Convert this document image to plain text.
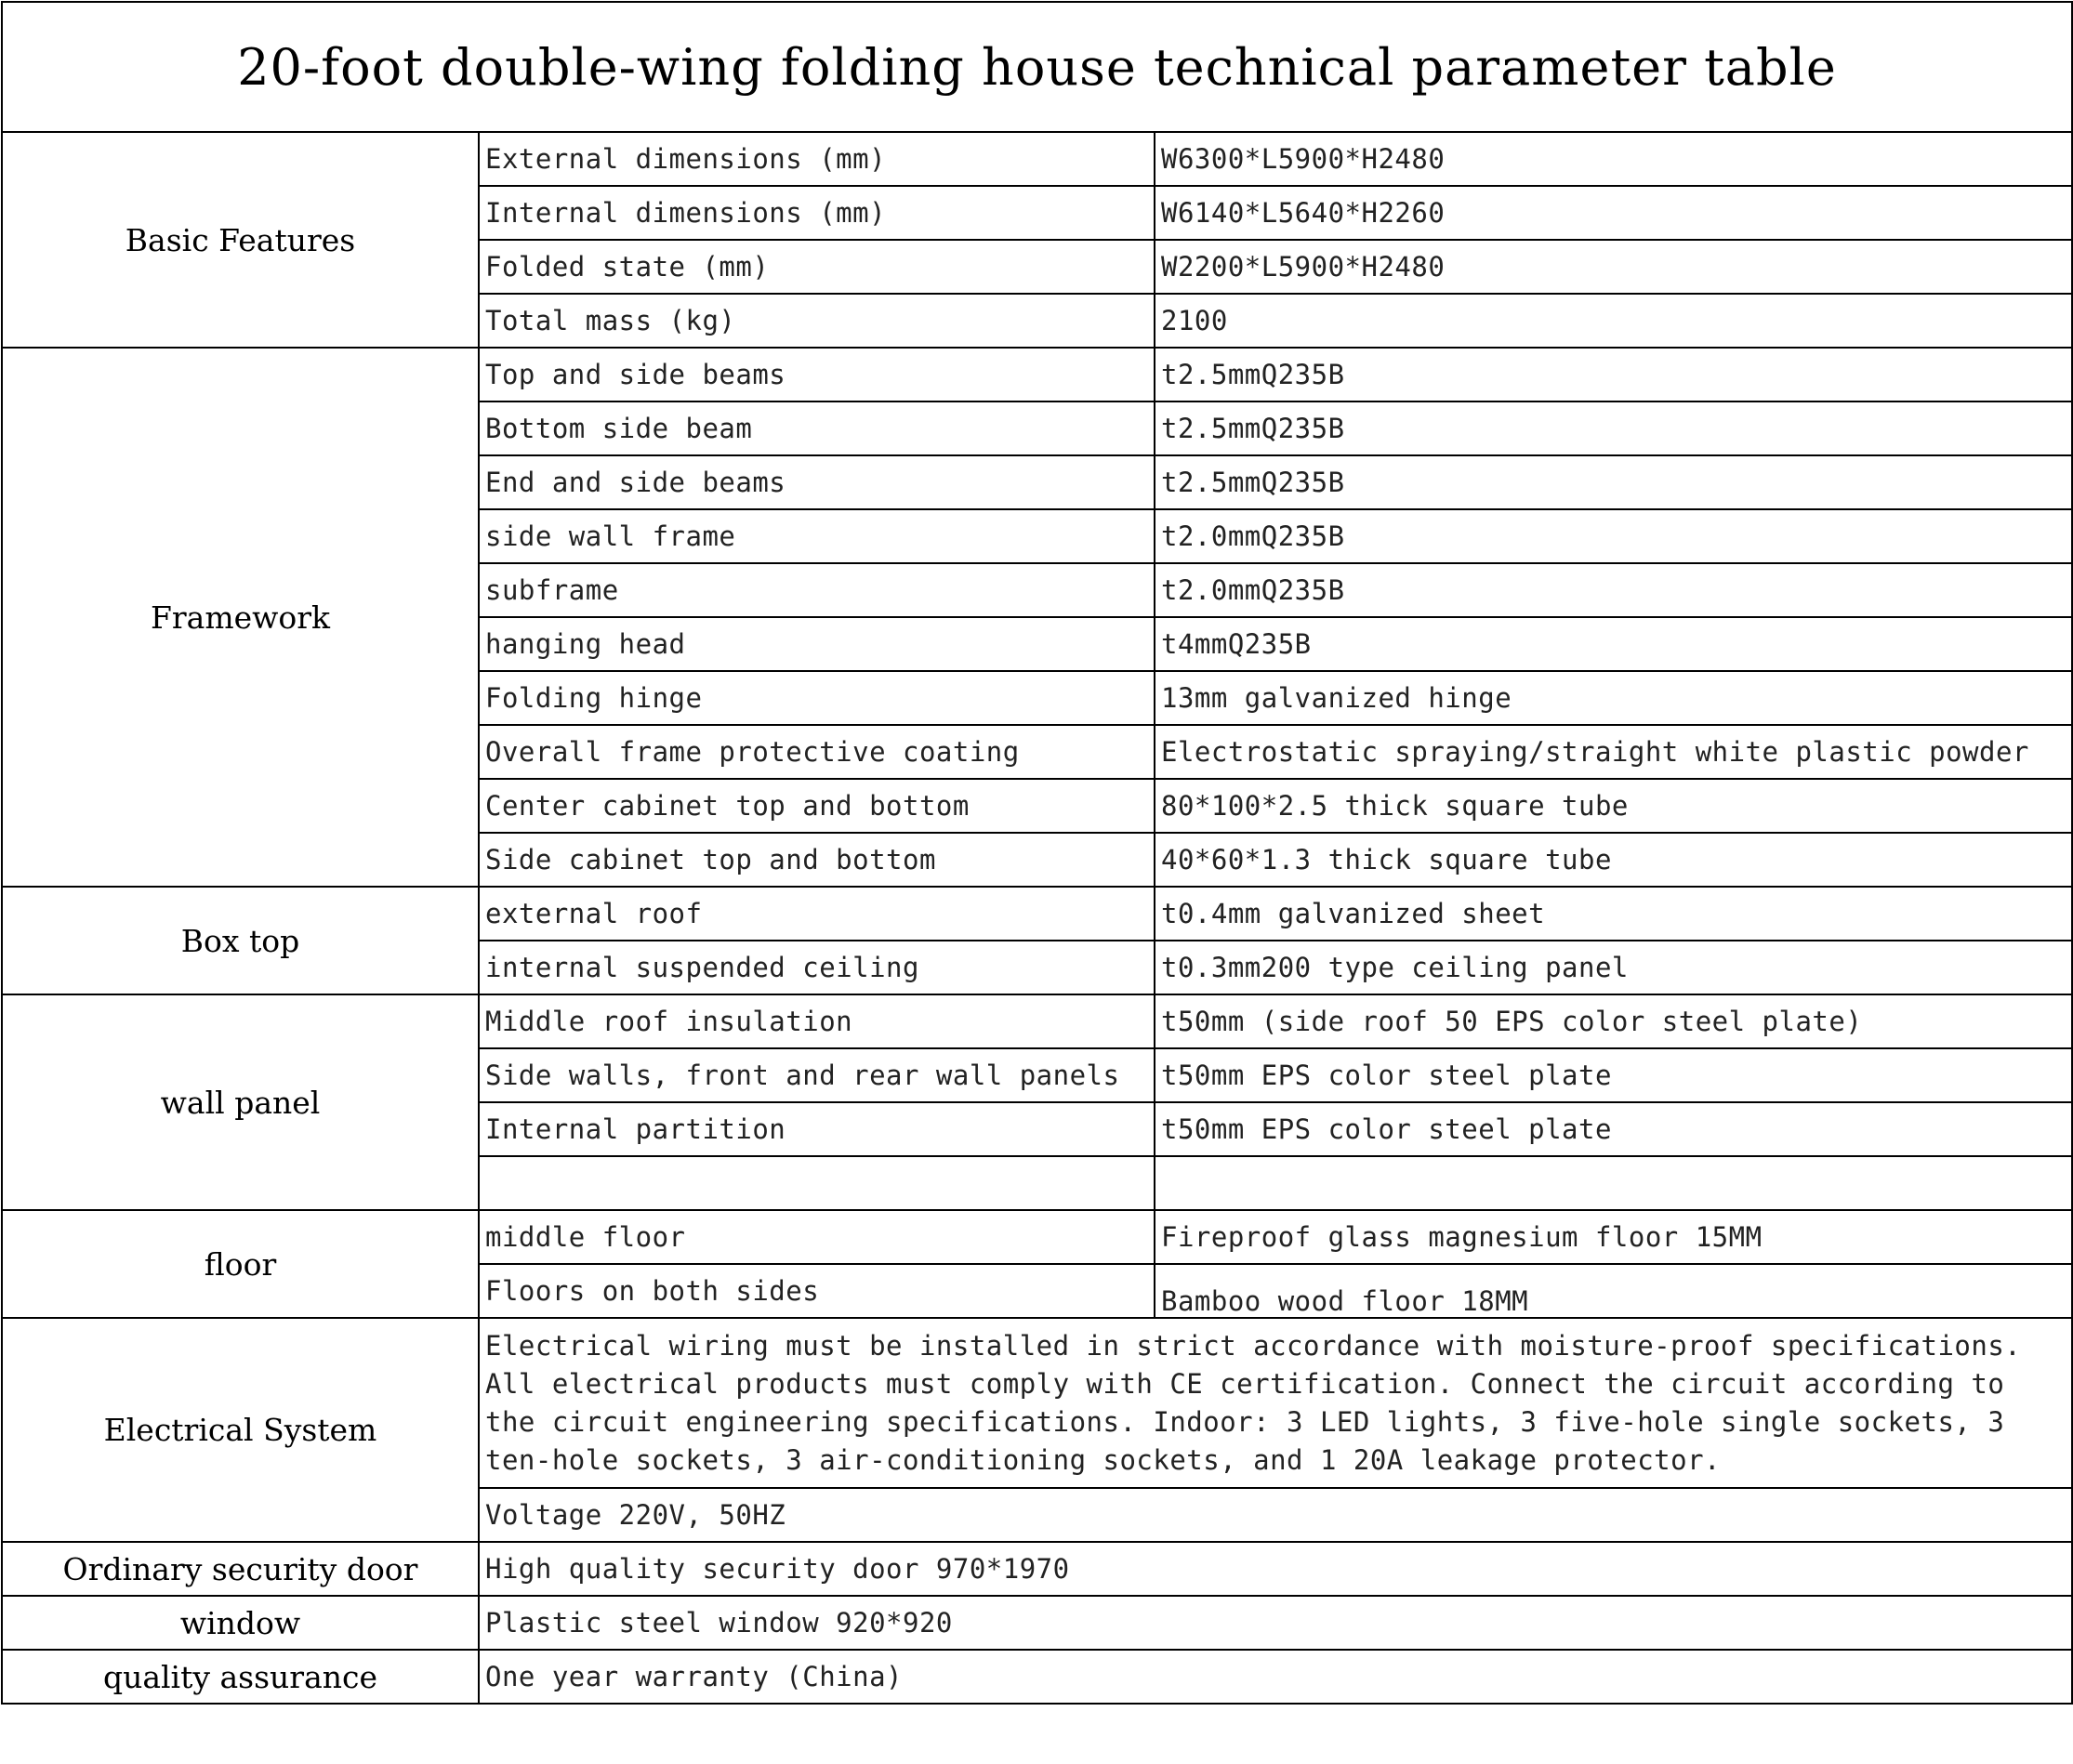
20-foot double-wing folding house technical parameter table		
Basic Features	External dimensions (mm)	W6300*L5900*H2480
	Internal dimensions (mm)	W6140*L5640*H2260
	Folded state (mm)	W2200*L5900*H2480
	Total mass (kg)	2100
Framework	Top and side beams	t2.5mmQ235B
	Bottom side beam	t2.5mmQ235B
	End and side beams	t2.5mmQ235B
	side wall frame	t2.0mmQ235B
	subframe	t2.0mmQ235B
	hanging head	t4mmQ235B
	Folding hinge	13mm galvanized hinge
	Overall frame protective coating	Electrostatic spraying/straight white plastic powder
	Center cabinet top and bottom	80*100*2.5 thick square tube
	Side cabinet top and bottom	40*60*1.3 thick square tube
Box top	external roof	t0.4mm galvanized sheet
	internal suspended ceiling	t0.3mm200 type ceiling panel
wall panel	Middle roof insulation	t50mm (side roof 50 EPS color steel plate)
	Side walls, front and rear wall panels	t50mm EPS color steel plate
	Internal partition	t50mm EPS color steel plate

floor	middle floor	Fireproof glass magnesium floor 15MM
	Floors on both sides	Bamboo wood floor 18MM
Electrical System	Electrical wiring must be installed in strict accordance with moisture-proof specifications. All electrical products must comply with CE certification. Connect the circuit according to the circuit engineering specifications. Indoor: 3 LED lights, 3 five-hole single sockets, 3 ten-hole sockets, 3 air-conditioning sockets, and 1 20A leakage protector.	
	Voltage 220V, 50HZ	
Ordinary security door	High quality security door 970*1970	
window	Plastic steel window 920*920	
quality assurance	One year warranty (China)	
